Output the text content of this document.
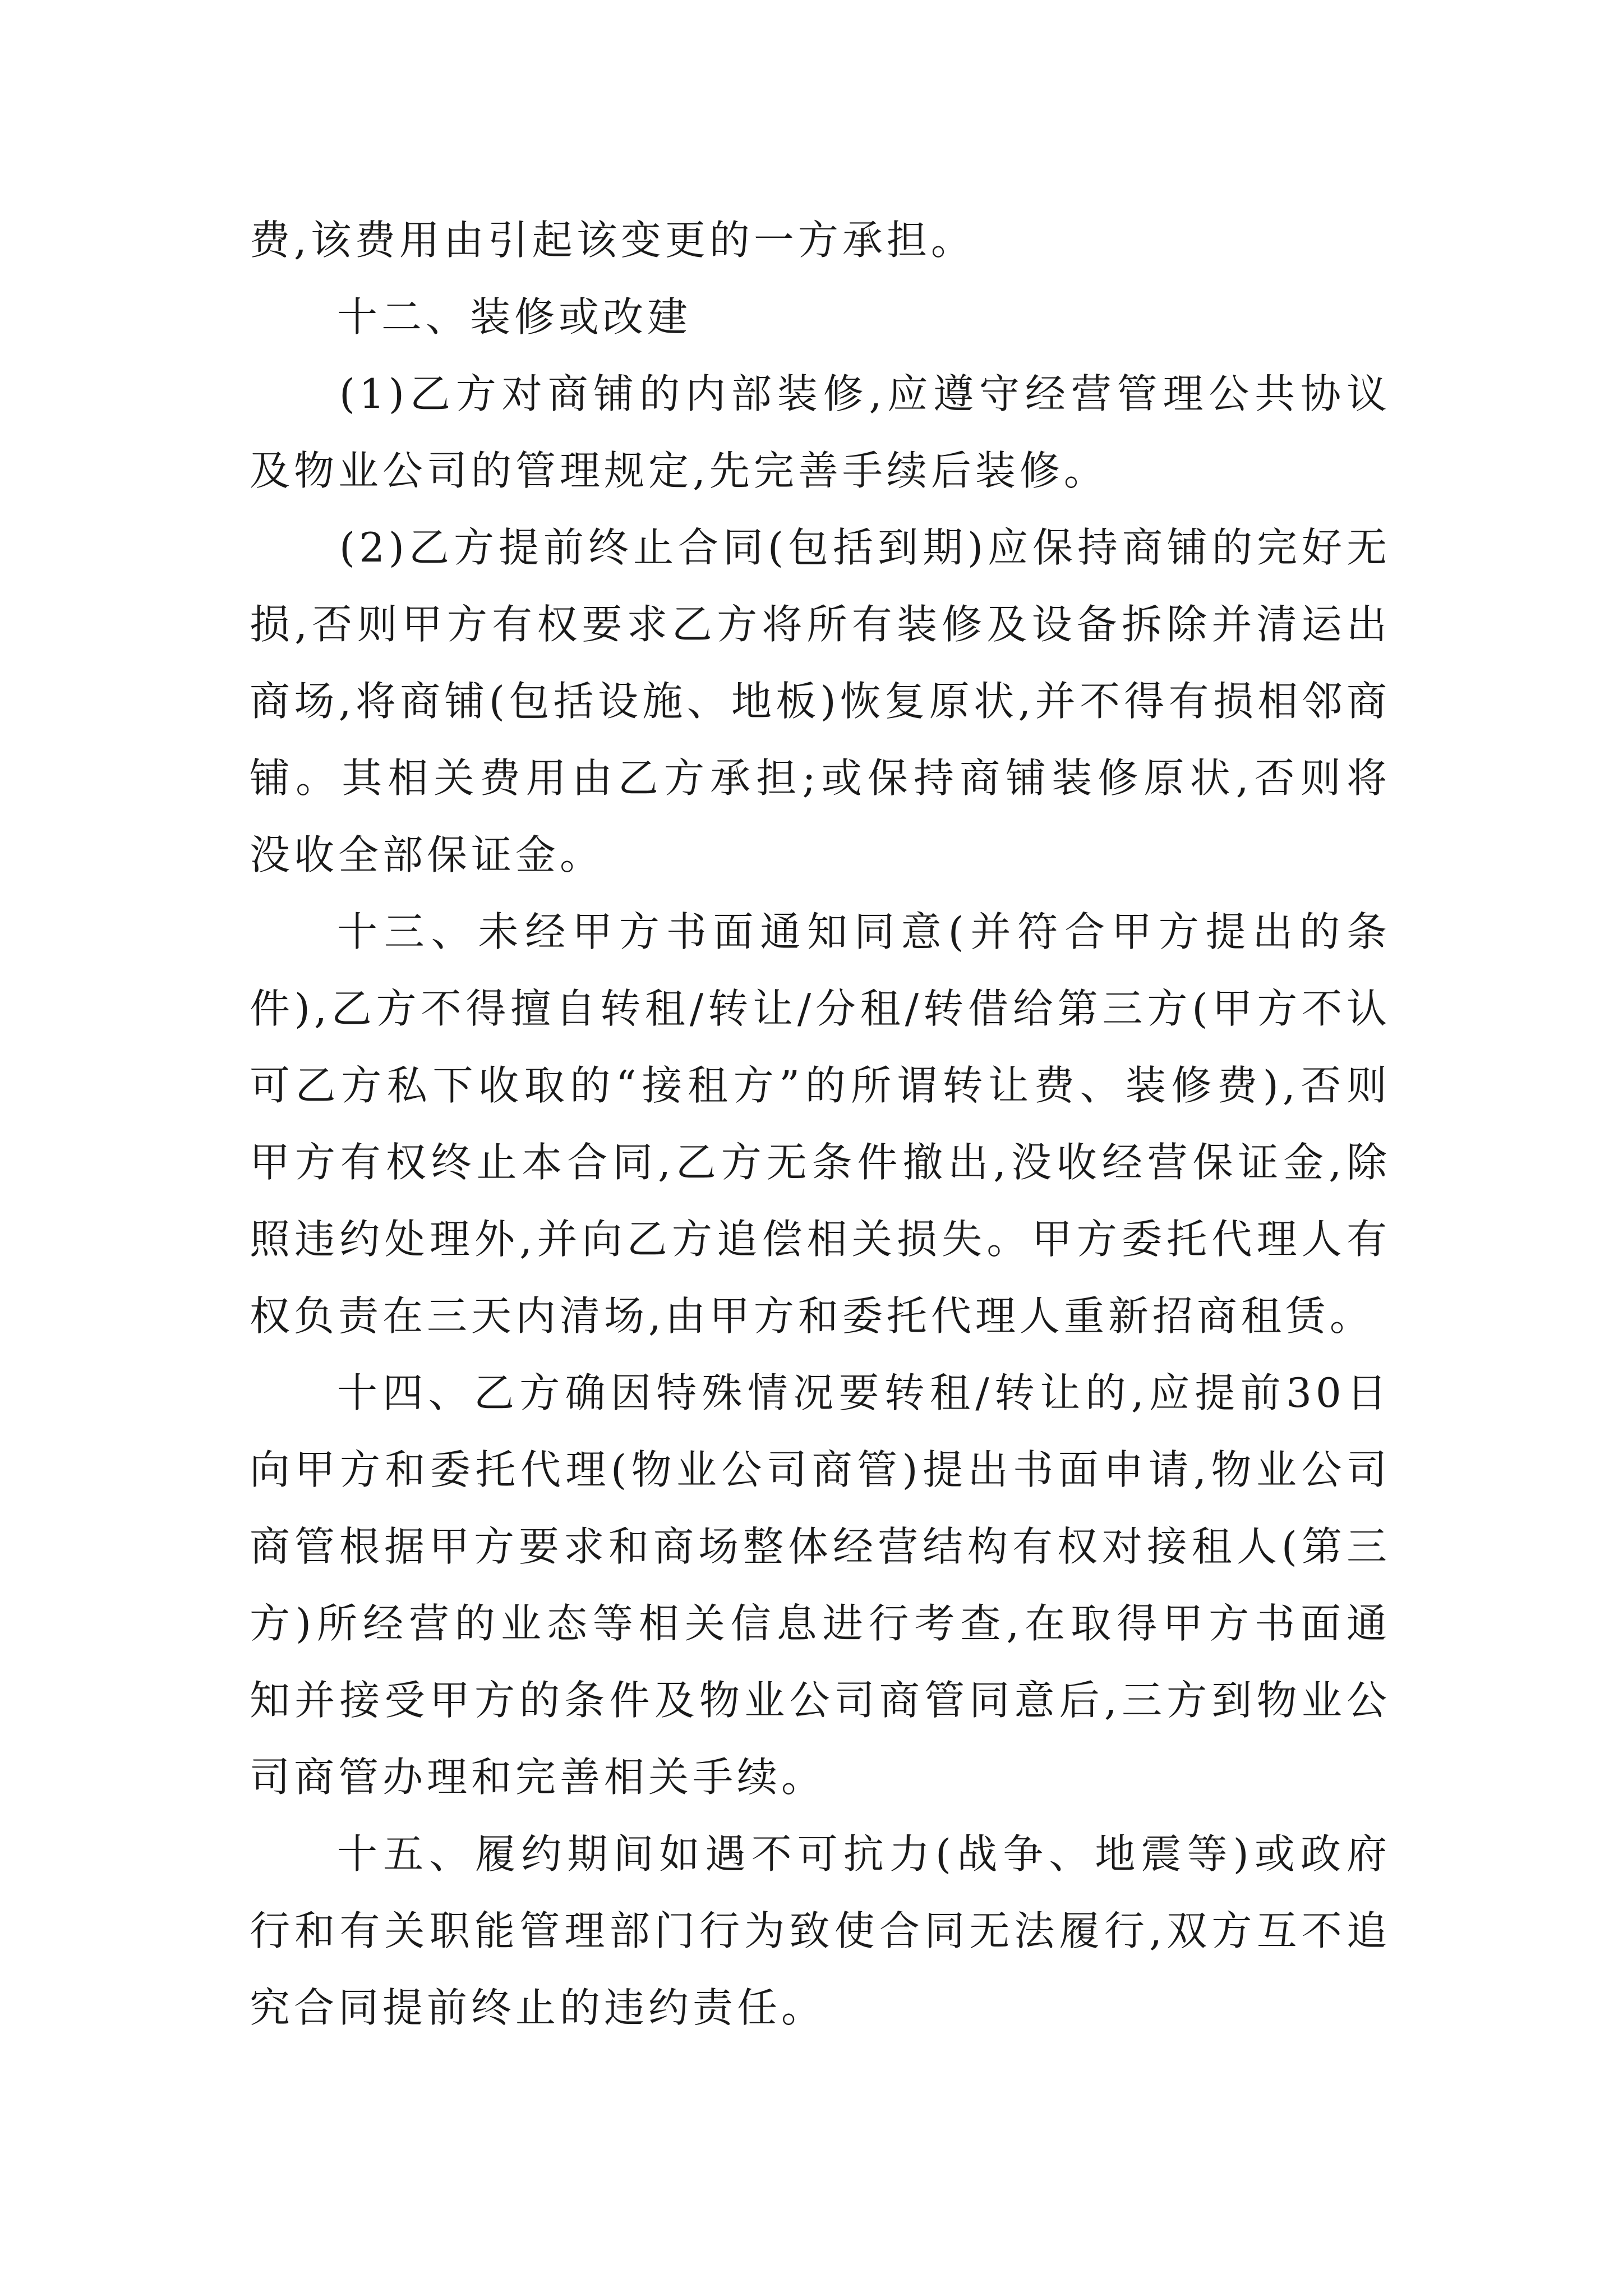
费,该费用由引起该变更的一方承担。

十二、装修或改建

(1)乙方对商铺的内部装修,应遵守经营管理公共协议及物业公司的管理规定,先完善手续后装修。

(2)乙方提前终止合同(包括到期)应保持商铺的完好无损,否则甲方有权要求乙方将所有装修及设备拆除并清运出商场,将商铺(包括设施、地板)恢复原状,并不得有损相邻商铺。其相关费用由乙方承担;或保持商铺装修原状,否则将没收全部保证金。

十三、未经甲方书面通知同意(并符合甲方提出的条件),乙方不得擅自转租/转让/分租/转借给第三方(甲方不认可乙方私下收取的“接租方”的所谓转让费、装修费),否则甲方有权终止本合同,乙方无条件撤出,没收经营保证金,除照违约处理外,并向乙方追偿相关损失。甲方委托代理人有权负责在三天内清场,由甲方和委托代理人重新招商租赁。

十四、乙方确因特殊情况要转租/转让的,应提前30日向甲方和委托代理(物业公司商管)提出书面申请,物业公司商管根据甲方要求和商场整体经营结构有权对接租人(第三方)所经营的业态等相关信息进行考查,在取得甲方书面通知并接受甲方的条件及物业公司商管同意后,三方到物业公司商管办理和完善相关手续。

十五、履约期间如遇不可抗力(战争、地震等)或政府行和有关职能管理部门行为致使合同无法履行,双方互不追究合同提前终止的违约责任。
